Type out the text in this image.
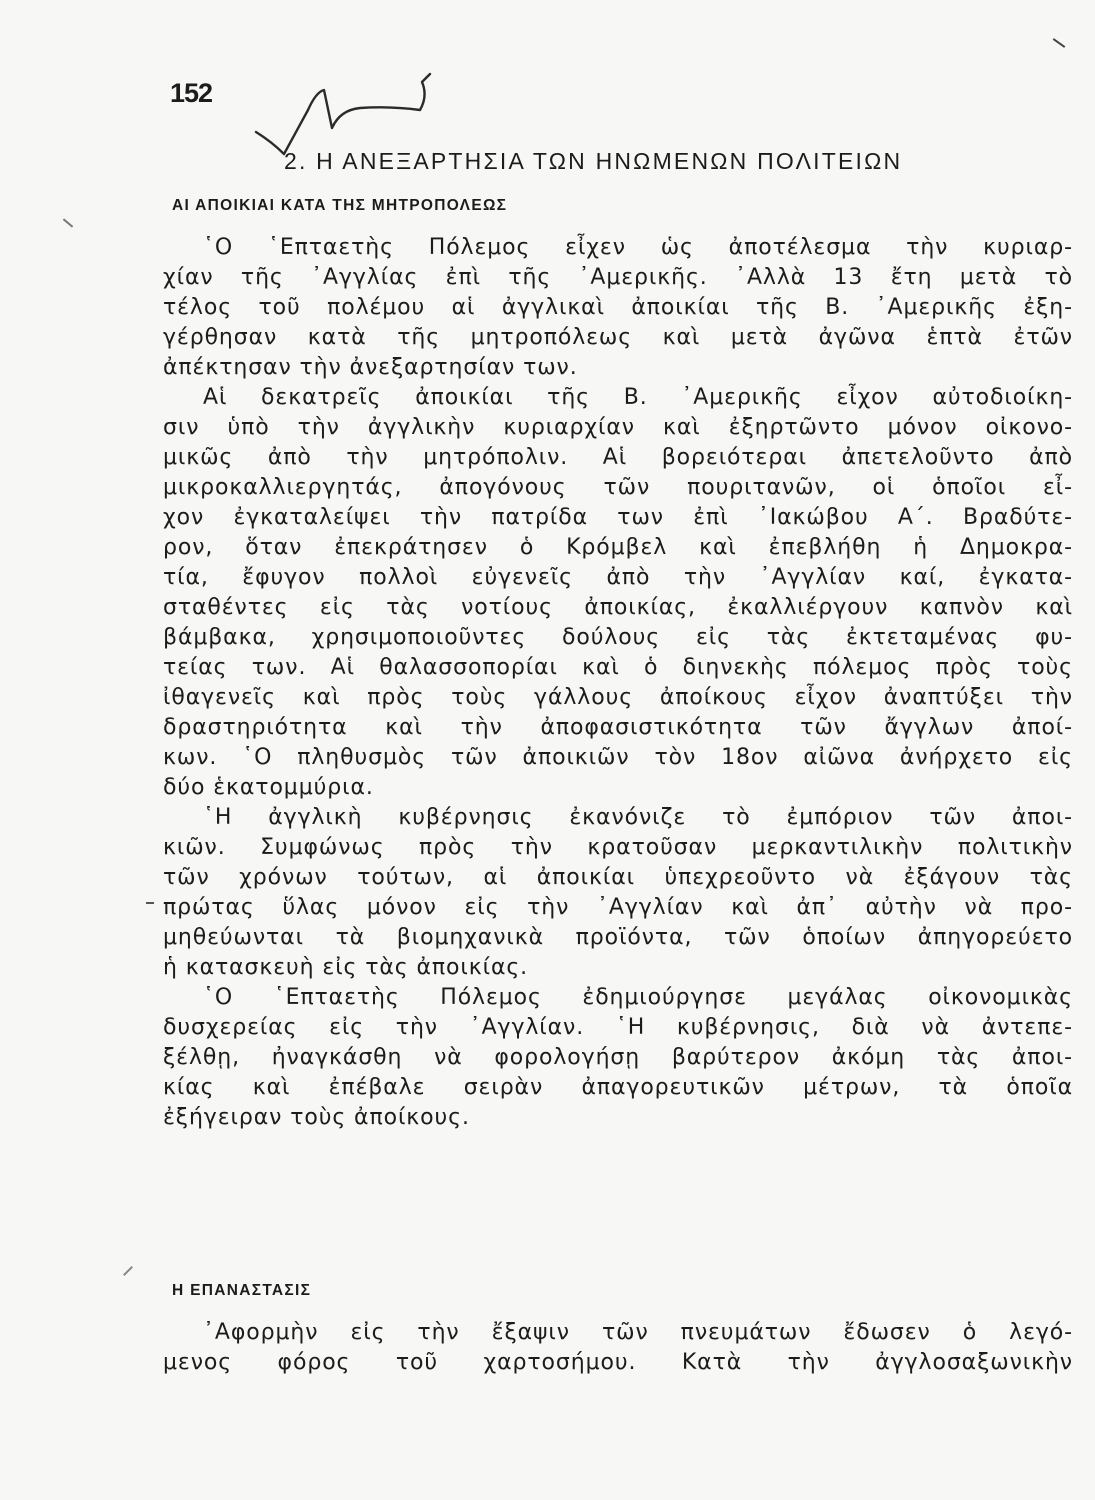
152
2. Η ΑΝΕΞΑΡΤΗΣΙΑ ΤΩΝ ΗΝΩΜΕΝΩΝ ΠΟΛΙΤΕΙΩΝ
ΑΙ ΑΠΟΙΚΙΑΙ ΚΑΤΑ ΤΗΣ ΜΗΤΡΟΠΟΛΕΩΣ
῾Ο ῾Επταετὴς Πόλεμος εἶχεν ὡς ἀποτέλεσμα τὴν κυριαρ-
χίαν τῆς ᾿Αγγλίας ἐπὶ τῆς ᾿Αμερικῆς. ᾿Αλλὰ 13 ἔτη μετὰ τὸ
τέλος τοῦ πολέμου αἱ ἀγγλικαὶ ἀποικίαι τῆς Β. ᾿Αμερικῆς ἐξη-
γέρθησαν κατὰ τῆς μητροπόλεως καὶ μετὰ ἀγῶνα ἑπτὰ ἐτῶν
ἀπέκτησαν τὴν ἀνεξαρτησίαν των.
Αἱ δεκατρεῖς ἀποικίαι τῆς Β. ᾿Αμερικῆς εἶχον αὐτοδιοίκη-
σιν ὑπὸ τὴν ἀγγλικὴν κυριαρχίαν καὶ ἐξηρτῶντο μόνον οἰκονο-
μικῶς ἀπὸ τὴν μητρόπολιν. Αἱ βορειότεραι ἀπετελοῦντο ἀπὸ
μικροκαλλιεργητάς, ἀπογόνους τῶν πουριτανῶν, οἱ ὁποῖοι εἶ-
χον ἐγκαταλείψει τὴν πατρίδα των ἐπὶ ᾿Ιακώβου Α΄. Βραδύτε-
ρον, ὅταν ἐπεκράτησεν ὁ Κρόμβελ καὶ ἐπεβλήθη ἡ Δημοκρα-
τία, ἔφυγον πολλοὶ εὐγενεῖς ἀπὸ τὴν ᾿Αγγλίαν καί, ἐγκατα-
σταθέντες εἰς τὰς νοτίους ἀποικίας, ἐκαλλιέργουν καπνὸν καὶ
βάμβακα, χρησιμοποιοῦντες δούλους εἰς τὰς ἐκτεταμένας φυ-
τείας των. Αἱ θαλασσοπορίαι καὶ ὁ διηνεκὴς πόλεμος πρὸς τοὺς
ἰθαγενεῖς καὶ πρὸς τοὺς γάλλους ἀποίκους εἶχον ἀναπτύξει τὴν
δραστηριότητα καὶ τὴν ἀποφασιστικότητα τῶν ἄγγλων ἀποί-
κων. ῾Ο πληθυσμὸς τῶν ἀποικιῶν τὸν 18ον αἰῶνα ἀνήρχετο εἰς
δύο ἑκατομμύρια.
῾Η ἀγγλικὴ κυβέρνησις ἐκανόνιζε τὸ ἐμπόριον τῶν ἀποι-
κιῶν. Συμφώνως πρὸς τὴν κρατοῦσαν μερκαντιλικὴν πολιτικὴν
τῶν χρόνων τούτων, αἱ ἀποικίαι ὑπεχρεοῦντο νὰ ἐξάγουν τὰς
πρώτας ὕλας μόνον εἰς τὴν ᾿Αγγλίαν καὶ ἀπ᾿ αὐτὴν νὰ προ-
μηθεύωνται τὰ βιομηχανικὰ προϊόντα, τῶν ὁποίων ἀπηγορεύετο
ἡ κατασκευὴ εἰς τὰς ἀποικίας.
῾Ο ῾Επταετὴς Πόλεμος ἐδημιούργησε μεγάλας οἰκονομικὰς
δυσχερείας εἰς τὴν ᾿Αγγλίαν. ῾Η κυβέρνησις, διὰ νὰ ἀντεπε-
ξέλθῃ, ἠναγκάσθη νὰ φορολογήσῃ βαρύτερον ἀκόμη τὰς ἀποι-
κίας καὶ ἐπέβαλε σειρὰν ἀπαγορευτικῶν μέτρων, τὰ ὁποῖα
ἐξήγειραν τοὺς ἀποίκους.
Η ΕΠΑΝΑΣΤΑΣΙΣ
᾿Αφορμὴν εἰς τὴν ἔξαψιν τῶν πνευμάτων ἔδωσεν ὁ λεγό-
μενος φόρος τοῦ χαρτοσήμου. Κατὰ τὴν ἀγγλοσαξωνικὴν
